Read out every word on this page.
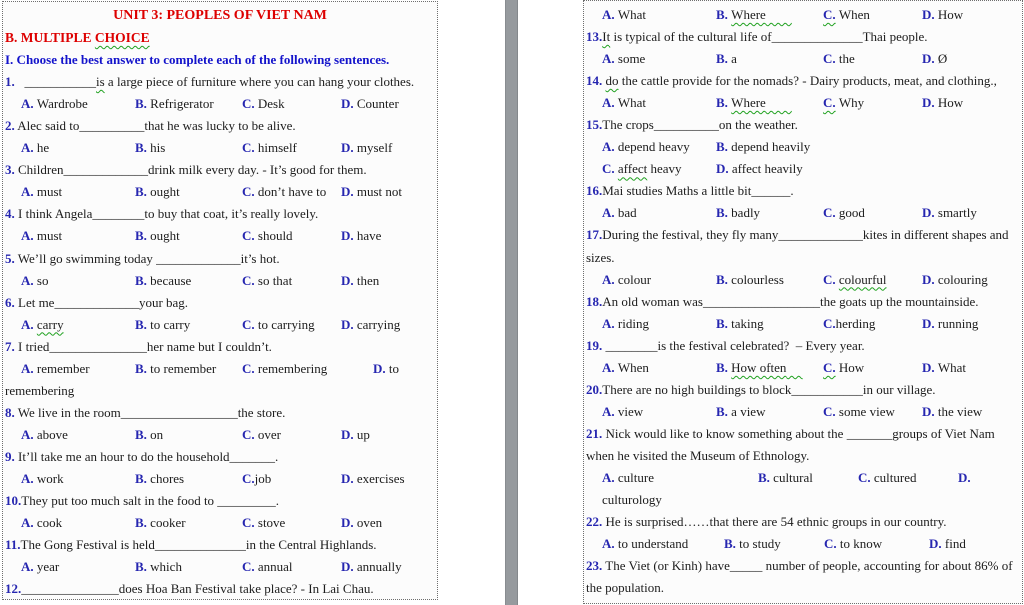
UNIT 3: PEOPLES OF VIET NAM
B. MULTIPLE CHOICE
I. Choose the best answer to complete each of the following sentences.
1.   ___________is a large piece of furniture where you can hang your clothes.
A. Wardrobe	B. Refrigerator C. Desk	D. Counter
2. Alec said to__________that he was lucky to be alive.
A. he	B. his	C. himself	D. myself
3. Children_____________drink milk every day. - It’s good for them.
A. must	B. ought	C. don’t have to D. must not
4. I think Angela________to buy that coat, it’s really lovely.
A. must	B. ought	C. should	D. have
5. We’ll go swimming today _____________it’s hot.
A. so	B. because	C. so that	D. then
6. Let me_____________your bag.
A. carry	B. to carry	C. to carrying D. carrying
7. I tried_______________her name but I couldn’t.
A. remember	B. to remember C. remembering	D. to
remembering
8. We live in the room__________________the store.
A. above	B. on	C. over	D. up
9. It’ll take me an hour to do the household_______.
A. work	B. chores	C.job	D. exercises
10.They put too much salt in the food to _________.
A. cook	B. cooker	C. stove	D. oven
11.The Gong Festival is held______________in the Central Highlands.
A. year	B. which	C. annual	D. annually
12._______________does Hoa Ban Festival take place? - In Lai Chau.
A. What	B. Where	C. When	D. How
13.It is typical of the cultural life of______________Thai people.
A. some	B. a	C. the	D. Ø
14. do the cattle provide for the nomads? - Dairy products, meat, and clothing.,
A. What	B. Where	C. Why	D. How
15.The crops__________on the weather.
A. depend heavy B. depend heavily
C. affect heavy	D. affect heavily
16.Mai studies Maths a little bit______.
A. bad	B. badly	C. good	D. smartly
17.During the festival, they fly many_____________kites in different shapes and
sizes.
A. colour	B. colourless	C. colourful	D. colouring
18.An old woman was__________________the goats up the mountainside.
A. riding	B. taking	C.herding	D. running
19. ________is the festival celebrated?  – Every year.
A. When	B. How often	C. How	D. What
20.There are no high buildings to block___________in our village.
A. view	B. a view	C. some view D. the view
21. Nick would like to know something about the _______groups of Viet Nam
when he visited the Museum of Ethnology.
A. culture	B. cultural	C. cultured	D.
culturology
22. He is surprised……that there are 54 ethnic groups in our country.
A. to understand	B. to study	C. to know	D. find
23. The Viet (or Kinh) have_____ number of people, accounting for about 86% of
the population.
